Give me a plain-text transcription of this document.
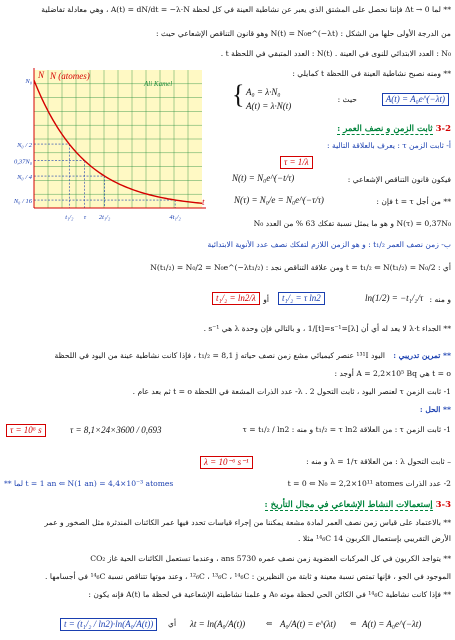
** لما Δt → 0 فإننا نحصل على المشتق الذي يعبر عن نشاطية العينة في كل لحظة A(t) = dN/dt = −λ·N ، وهي معادلة تفاضلية
من الدرجة الأولى حلها من الشكل : N(t) = N₀e^(−λt) وهو قانون التناقص الإشعاعي حيث :
N₀ : العدد الابتدائي للنوى في العينة . N(t) : العدد المتبقي في اللحظة t .
** ومنه نصبح نشاطية العينة في اللحظة t كمايلي :
{ A₀ = λ·N₀
A(t) = λ·N(t)
حيث :	A(t) = A₀e^(−λt)
N (atomes)
Ali Kamel
t
N₀
N₀ / 2
0,37N₀
N₀ / 4
N₀ / 16
N
t₁/₂ τ 2t₁/₂	4t₁/₂
3-2 ثابت الزمن و نصف العمر :
أ- ثابت الزمن τ : يعرف بالعلاقة التالية :
τ = 1/λ
فيكون قانون التناقص الإشعاعي :
N(t) = N₀e^(−t/τ)
** من أجل t = τ فإن :
N(τ) = N₀/e = N₀e^(−τ/τ)
N(τ) = 0,37N₀ و هو ما يمثل نسبة تفكك 63 % من العدد N₀
ب- زمن نصف العمر t₁/₂ : و هو الزمن اللازم لتفكك نصف عدد الأنوية الابتدائية
أي : t = t₁/₂ ⇐ N(t₁/₂) = N₀/2 ومن علاقة التناقص نجد : N(t₁/₂) = N₀/2 = N₀e^(−λt₁/₂)
و منه :
ln(1/2) = −t₁/₂/τ
t₁/₂ = τ ln2
أو
t₁/₂ = ln2/λ
** الجداء λ·t لا يعد له أي أن [λ]=1/[t]=s⁻¹ ، و بالتالي فإن وحدة λ هي s⁻¹ .
** تمرين تدريبي :
اليود ¹³¹I عنصر كيميائي مشع زمن نصف حياته t₁/₂ = 8,1 j ، فإذا كانت نشاطية عينة من اليود في اللحظة
t = o هي A = 2,2×10⁵ Bq أوجد :
1- ثابت الزمن τ لعنصر اليود ، ثابت التحول λ . 2- عدد الذرات المشعة في اللحظة t = o ثم بعد عام .
** الحل :
1- ثابت الزمن τ : من العلاقة t₁/₂ = τ ln2 و منه : τ = t₁/₂ / ln2
τ = 8,1×24×3600 / 0,693
τ = 10⁶ s
– ثابت التحول λ : من العلاقة λ = 1/τ و منه :
λ = 10⁻⁶ s⁻¹
2- عدد الذرات t = 0 ⇐ N₀ = 2,2×10¹¹ atomes
** لما t = 1 an ⇐ N(1 an) = 4,4×10⁻³ atomes
3-3 إستعمالات النشاط الإشعاعي في مجال التأريخ :
** بالاعتماد على قياس زمن نصف العمر لمادة مشعة يمكننا من إجراء قياسات تحدد فيها عمر الكائنات المندثرة مثل الصخور و عمر
الأرض التقريبي بإستعمال الكربون 14 ¹⁴₆C مثلا .
** يتواجد الكربون في كل المركبات العضوية زمن نصف عمره 5730 ans ، وعندما تستعمل الكائنات الحية غاز CO₂
الموجود في الجو ، فإنها تمتص نسبة معينة و ثابتة من النظيرين : ¹²₆C ، ¹³₆C ، ¹⁴₆C ، وعند موتها تتناقص نسبة ¹⁴₆C في أجسامها .
** فإذا كانت نشاطية ¹⁴₆C في الكائن الحي لحظة موته A₀ و علمنا نشاطيته الإشعاعية في لحظة ما A(t) فإنه يكون :
A(t) = A₀e^(−λt)
⇐
A₀/A(t) = e^(λt)
⇐
λt = ln(A₀/A(t))
أي
t = (t₁/₂ / ln2)·ln(A₀/A(t))
